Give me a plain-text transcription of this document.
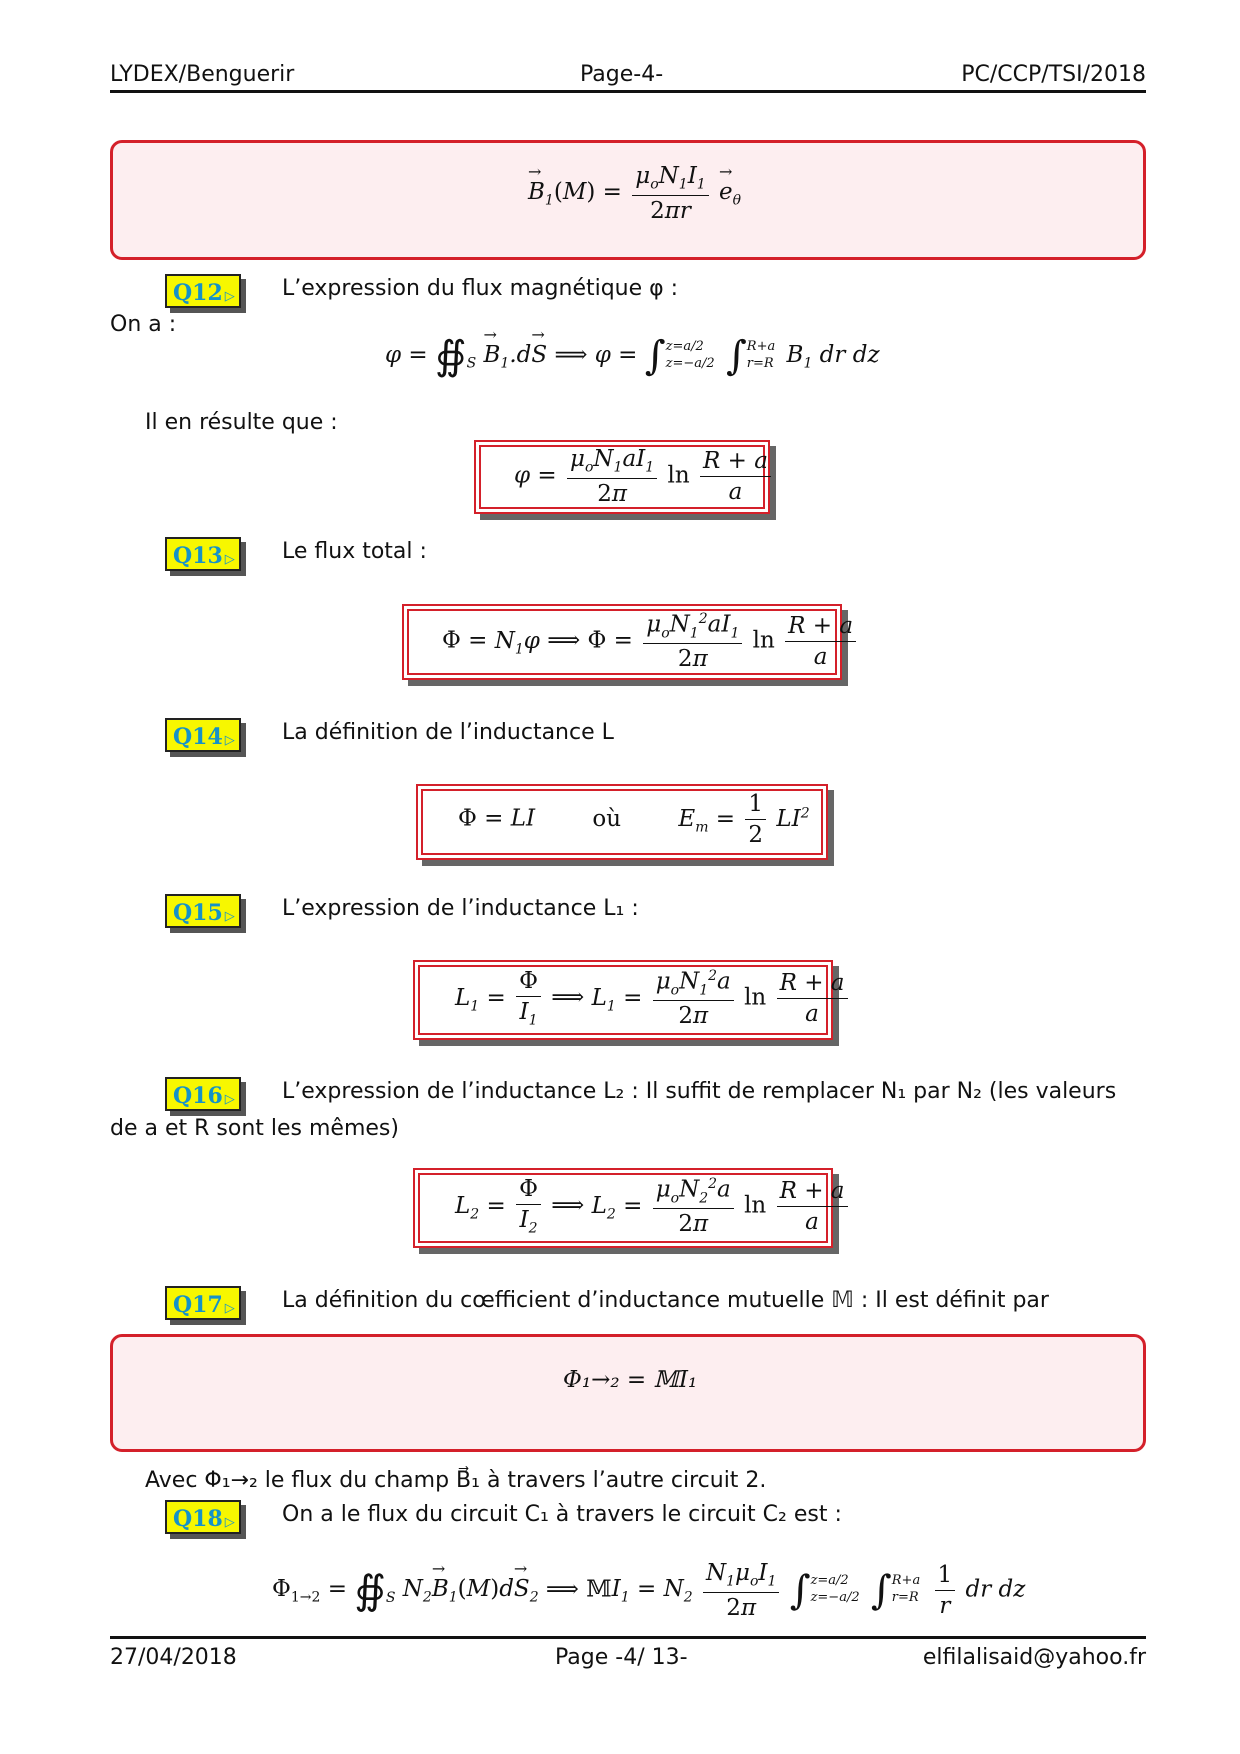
LYDEX/Benguerir	Page-4-	PC/CCP/TSI/2018
→ $B_1(M) = \frac{\mu_oN_1I_1}{2\pi r}$
→ $e_\theta$
Q12 ▷ L’expression du flux magnétique φ :
On a :
$\varphi = ∯_S \to B_1.d\to S$ ⟹ φ = ∫ z=a/2
z=−a/2 ∫ R+a
r=R $B_1$ dr dz
Il en résulte que :
$\varphi = \frac{\mu_oN_1aI_1}{2\pi}$ $\ln \frac{R + a}{a}$
Q13 ▷ Le flux total :
$\Phi = N_1\varphi$ ⟹ $\Phi = \frac{\mu_oN_1^2aI_1}{2\pi}$ $\ln \frac{R + a}{a}$
Q14 ▷ La définition de l’inductance L
Φ = LI où $E_m = \frac{1}{2} LI^2$
Q15 ▷ L’expression de l’inductance L₁ :
$L_1 = \frac{\Phi}{I_1}$ ⟹ $L_1 = \frac{\mu_oN_1^2a}{2\pi}$ $\ln \frac{R + a}{a}$
Q16 ▷ L’expression de l’inductance L₂ : Il suffit de remplacer N₁ par N₂ (les valeurs
de a et R sont les mêmes)
$L_2 = \frac{\Phi}{I_2}$ ⟹ $L_2 = \frac{\mu_oN_2^2a}{2\pi}$ $\ln \frac{R + a}{a}$
Q17 ▷ La définition du cœfficient d’inductance mutuelle 𝕄 : Il est définit par
Φ₁→₂ = 𝕄I₁
Avec Φ₁→₂ le flux du champ B⃗₁ à travers l’autre circuit 2.
Q18 ▷ On a le flux du circuit C₁ à travers le circuit C₂ est :
$\Phi_{1\to 2}$ = $∯_S$ $N_2\to B_1(M)d\to S_2$ ⟹ 𝕄I$_1$ = $N_2 \frac{N_1\mu_oI_1}{2\pi}$ ∫ z=a/2
z=−a/2 ∫ R+a
r=R
$\frac{1}{r}$ dr dz
27/04/2018	Page -4/ 13-	elfilalisaid@yahoo.fr
